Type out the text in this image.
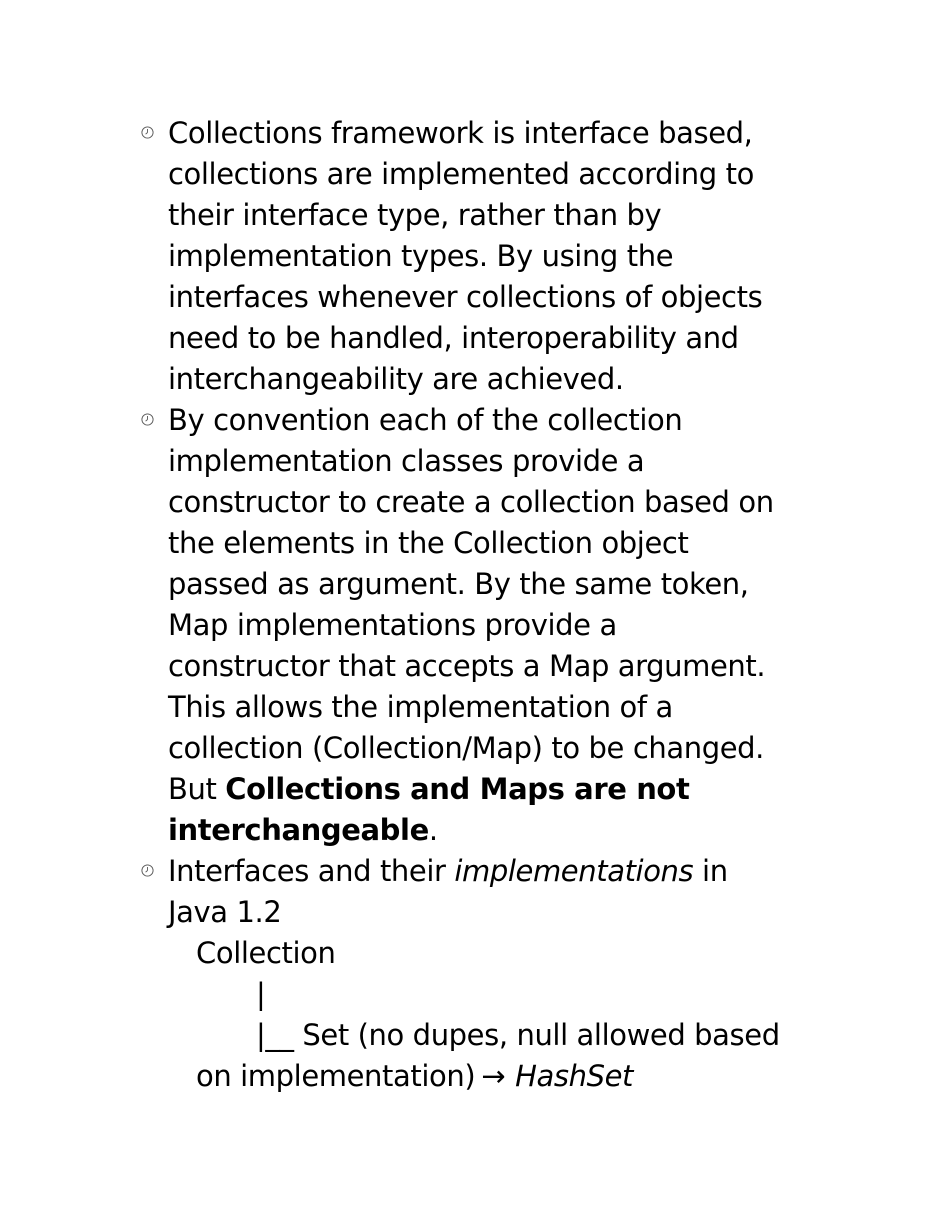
Collections framework is interface based,
collections are implemented according to
their interface type, rather than by
implementation types. By using the
interfaces whenever collections of objects
need to be handled, interoperability and
interchangeability are achieved.
By convention each of the collection
implementation classes provide a
constructor to create a collection based on
the elements in the Collection object
passed as argument. By the same token,
Map implementations provide a
constructor that accepts a Map argument.
This allows the implementation of a
collection (Collection/Map) to be changed.
But Collections and Maps are not
interchangeable.
Interfaces and their implementations in
Java 1.2
Collection
|
|__ Set (no dupes, null allowed based
on implementation) → HashSet
